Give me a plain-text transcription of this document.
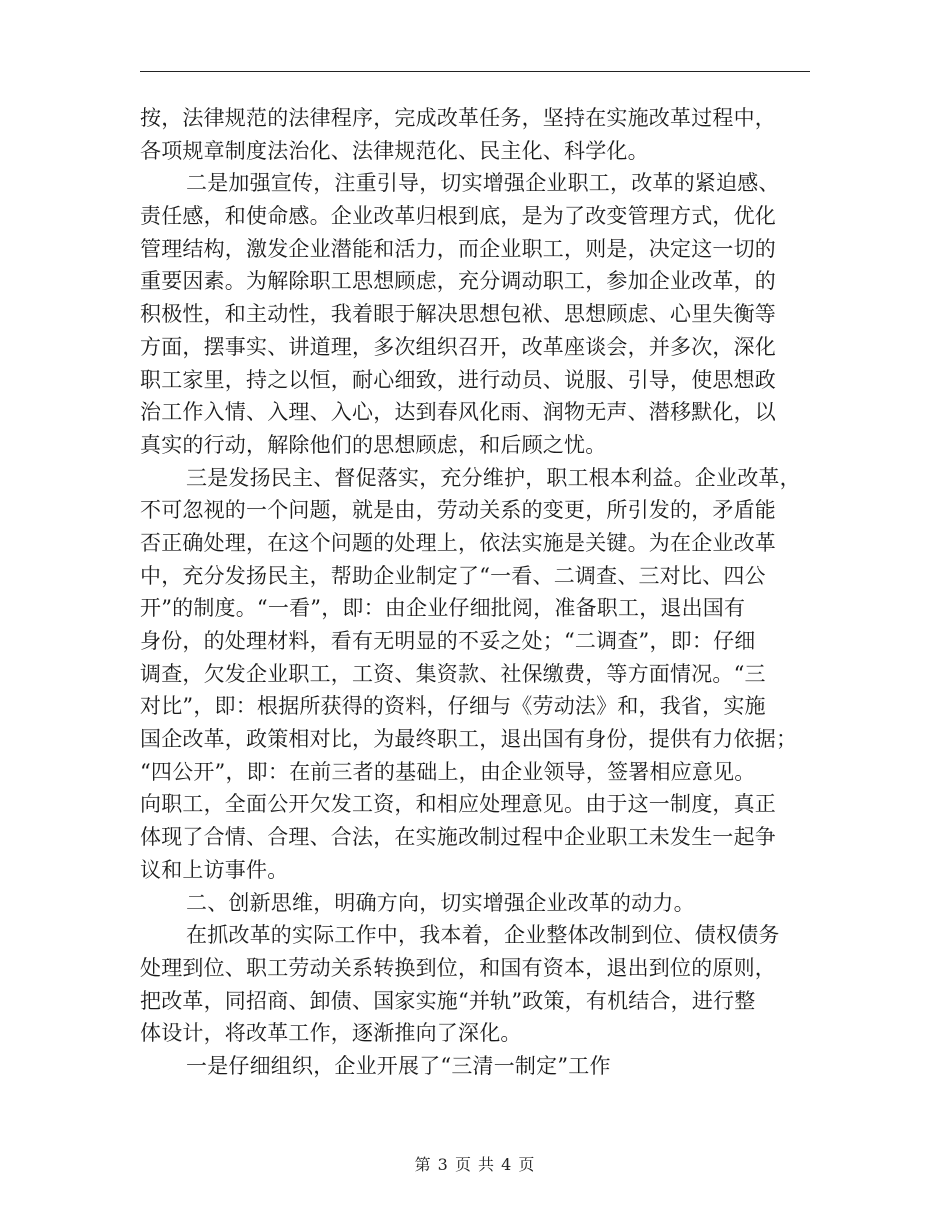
按，法律规范的法律程序，完成改革任务，坚持在实施改革过程中，
各项规章制度法治化、法律规范化、民主化、科学化。
二是加强宣传，注重引导，切实增强企业职工，改革的紧迫感、
责任感，和使命感。企业改革归根到底，是为了改变管理方式，优化
管理结构，激发企业潜能和活力，而企业职工，则是，决定这一切的
重要因素。为解除职工思想顾虑，充分调动职工，参加企业改革，的
积极性，和主动性，我着眼于解决思想包袱、思想顾虑、心里失衡等
方面，摆事实、讲道理，多次组织召开，改革座谈会，并多次，深化
职工家里，持之以恒，耐心细致，进行动员、说服、引导，使思想政
治工作入情、入理、入心，达到春风化雨、润物无声、潜移默化，以
真实的行动，解除他们的思想顾虑，和后顾之忧。
三是发扬民主、督促落实，充分维护，职工根本利益。企业改革，
不可忽视的一个问题，就是由，劳动关系的变更，所引发的，矛盾能
否正确处理，在这个问题的处理上，依法实施是关键。为在企业改革
中，充分发扬民主，帮助企业制定了“一看、二调查、三对比、四公
开”的制度。“一看”，即：由企业仔细批阅，准备职工，退出国有
身份，的处理材料，看有无明显的不妥之处；“二调查”，即：仔细
调查，欠发企业职工，工资、集资款、社保缴费，等方面情况。“三
对比”，即：根据所获得的资料，仔细与《劳动法》和，我省，实施
国企改革，政策相对比，为最终职工，退出国有身份，提供有力依据；
“四公开”，即：在前三者的基础上，由企业领导，签署相应意见。
向职工，全面公开欠发工资，和相应处理意见。由于这一制度，真正
体现了合情、合理、合法，在实施改制过程中企业职工未发生一起争
议和上访事件。
二、创新思维，明确方向，切实增强企业改革的动力。
在抓改革的实际工作中，我本着，企业整体改制到位、债权债务
处理到位、职工劳动关系转换到位，和国有资本，退出到位的原则，
把改革，同招商、卸债、国家实施“并轨”政策，有机结合，进行整
体设计，将改革工作，逐渐推向了深化。
一是仔细组织，企业开展了“三清一制定”工作
第 3 页 共 4 页
